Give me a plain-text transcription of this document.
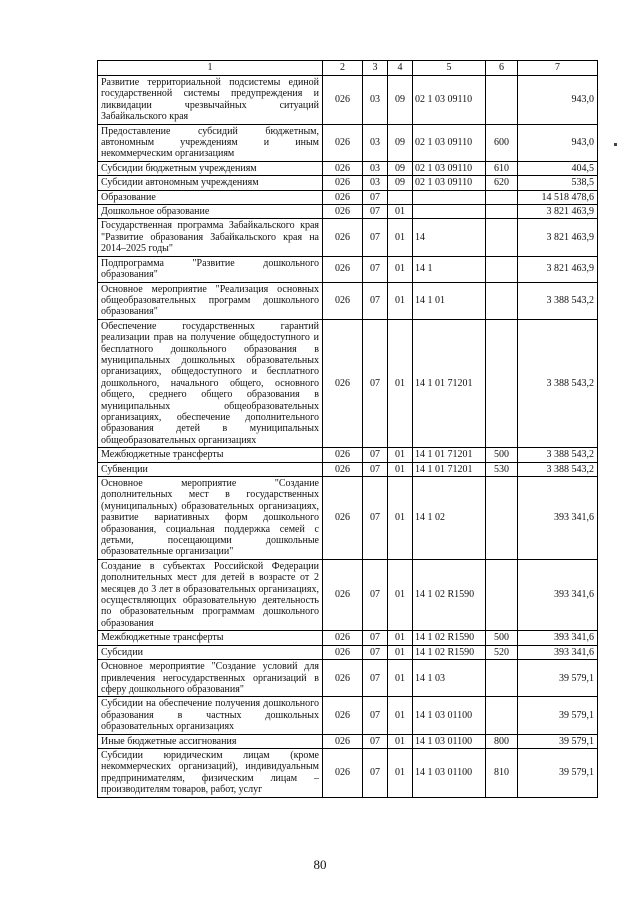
1	2	3	4	5	6	7
Развитие территориальной подсистемы единой государственной системы предупреждения и ликвидации чрезвычайных ситуаций Забайкальского края	026	03	09	02 1 03 09110		943,0
Предоставление субсидий бюджетным, автономным учреждениям и иным некоммерческим организациям	026	03	09	02 1 03 09110	600	943,0
Субсидии бюджетным учреждениям	026	03	09	02 1 03 09110	610	404,5
Субсидии автономным учреждениям	026	03	09	02 1 03 09110	620	538,5
Образование	026	07				14 518 478,6
Дошкольное образование	026	07	01			3 821 463,9
Государственная программа Забайкальского края "Развитие образования Забайкальского края на 2014–2025 годы"	026	07	01	14		3 821 463,9
Подпрограмма "Развитие дошкольного образования"	026	07	01	14 1		3 821 463,9
Основное мероприятие "Реализация основных общеобразовательных программ дошкольного образования"	026	07	01	14 1 01		3 388 543,2
Обеспечение государственных гарантий реализации прав на получение общедоступного и бесплатного дошкольного образования в муниципальных дошкольных образовательных организациях, общедоступного и бесплатного дошкольного, начального общего, основного общего, среднего общего образования в муниципальных общеобразовательных организациях, обеспечение дополнительного образования детей в муниципальных общеобразовательных организациях	026	07	01	14 1 01 71201		3 388 543,2
Межбюджетные трансферты	026	07	01	14 1 01 71201	500	3 388 543,2
Субвенции	026	07	01	14 1 01 71201	530	3 388 543,2
Основное мероприятие "Создание дополнительных мест в государственных (муниципальных) образовательных организациях, развитие вариативных форм дошкольного образования, социальная поддержка семей с детьми, посещающими дошкольные образовательные организации"	026	07	01	14 1 02		393 341,6
Создание в субъектах Российской Федерации дополнительных мест для детей в возрасте от 2 месяцев до 3 лет в образовательных организациях, осуществляющих образовательную деятельность по образовательным программам дошкольного образования	026	07	01	14 1 02 R1590		393 341,6
Межбюджетные трансферты	026	07	01	14 1 02 R1590	500	393 341,6
Субсидии	026	07	01	14 1 02 R1590	520	393 341,6
Основное мероприятие "Создание условий для привлечения негосударственных организаций в сферу дошкольного образования"	026	07	01	14 1 03		39 579,1
Субсидии на обеспечение получения дошкольного образования в частных дошкольных образовательных организациях	026	07	01	14 1 03 01100		39 579,1
Иные бюджетные ассигнования	026	07	01	14 1 03 01100	800	39 579,1
Субсидии юридическим лицам (кроме некоммерческих организаций), индивидуальным предпринимателям, физическим лицам – производителям товаров, работ, услуг	026	07	01	14 1 03 01100	810	39 579,1
80
